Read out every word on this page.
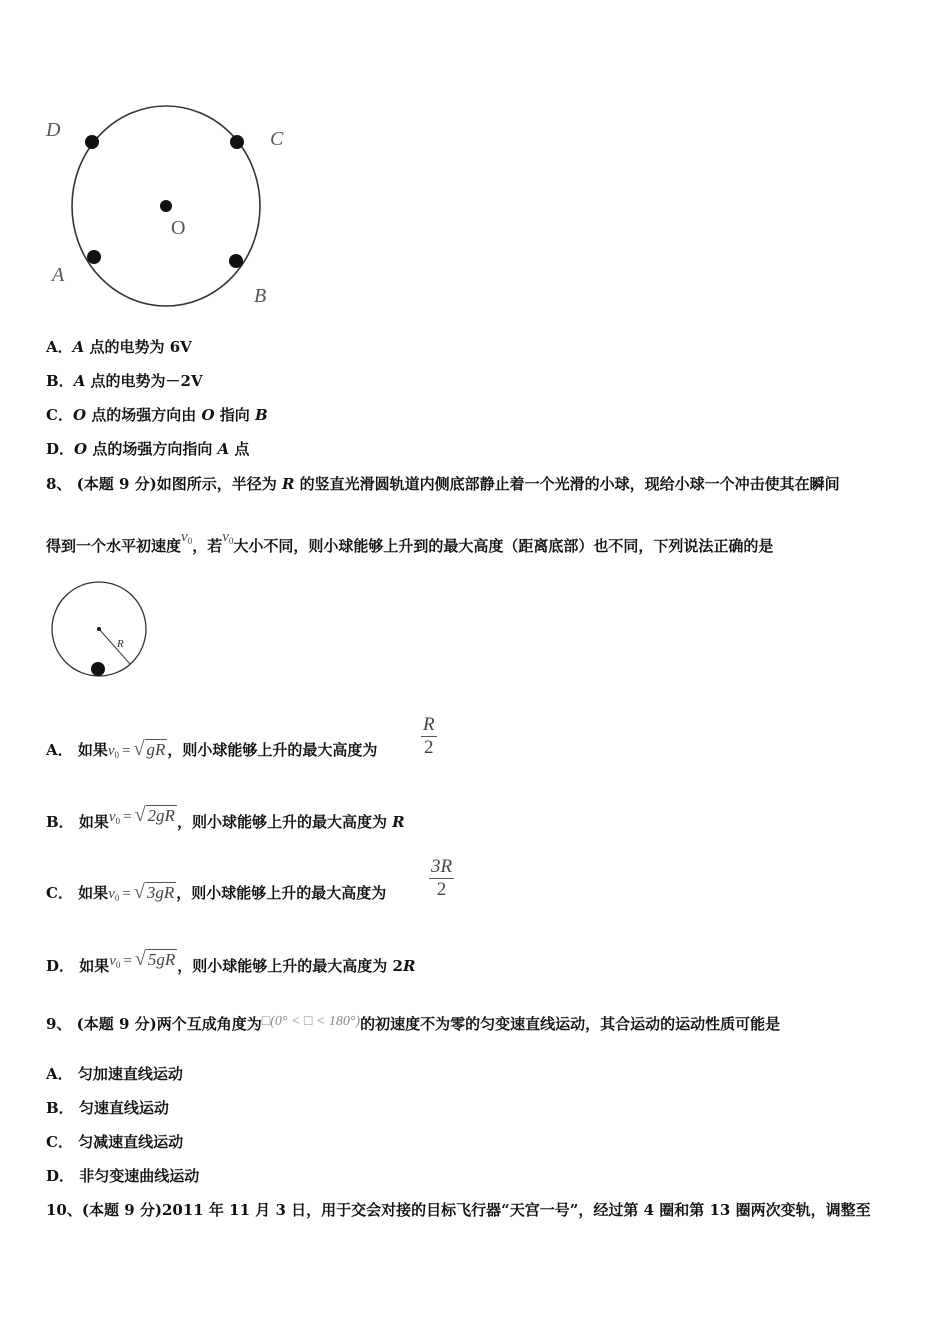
D	C
O
A
B
A．A 点的电势为 6V
B．A 点的电势为－2V
C．O 点的场强方向由 O 指向 B
D．O 点的场强方向指向 A 点
8、 (本题 9 分)如图所示，半径为 R 的竖直光滑圆轨道内侧底部静止着一个光滑的小球，现给小球一个冲击使其在瞬间
得到一个水平初速度$v_0$，若$v_0$大小不同，则小球能够上升到的最大高度（距离底部）也不同，下列说法正确的是
R
A． 如果$v_0$ = √ gR ，则小球能够上升的最大高度为 $\frac{R}{2}$
B． 如果$v_0$ = √ 2gR ，则小球能够上升的最大高度为 R
C． 如果$v_0$ = √ 3gR ，则小球能够上升的最大高度为 $\frac{3R}{2}$
D． 如果$v_0$ = √ 5gR ，则小球能够上升的最大高度为 2R
9、 (本题 9 分)两个互成角度为□(0° < □ < 180°)的初速度不为零的匀变速直线运动，其合运动的运动性质可能是
A． 匀加速直线运动
B． 匀速直线运动
C． 匀减速直线运动
D． 非匀变速曲线运动
10、(本题 9 分)2011 年 11 月 3 日，用于交会对接的目标飞行器“天宫一号”，经过第 4 圈和第 13 圈两次变轨，调整至
